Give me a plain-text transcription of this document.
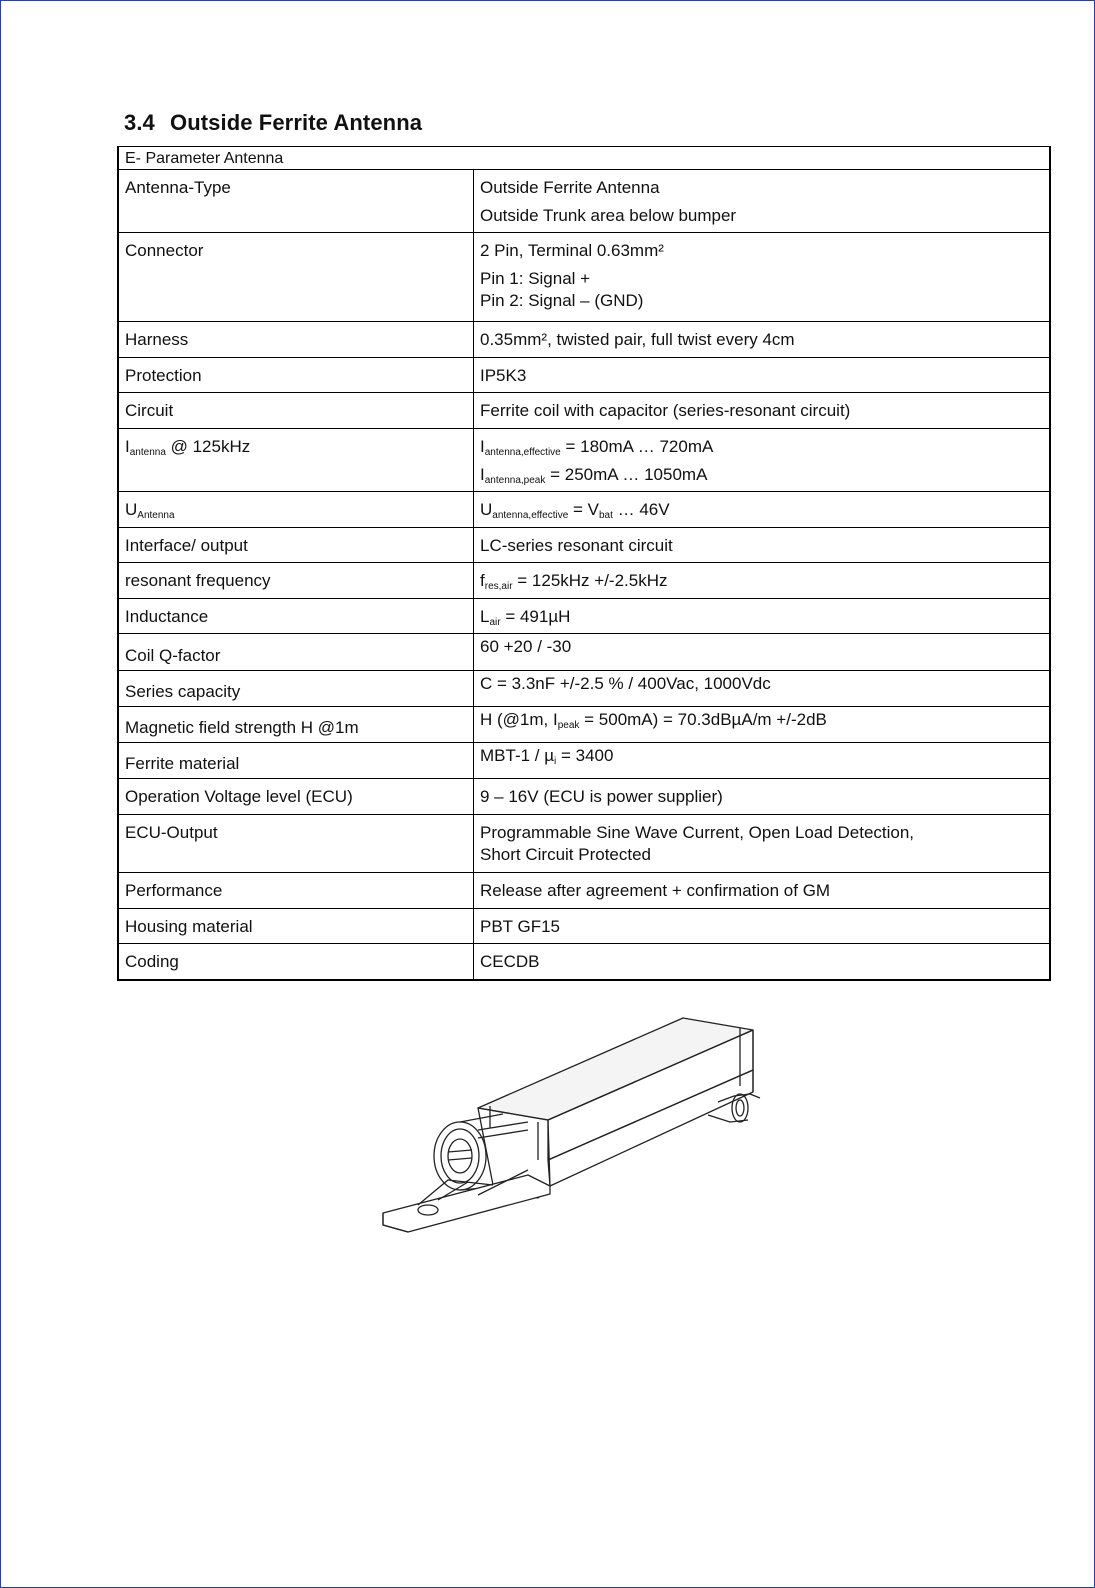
3.4 Outside Ferrite Antenna
E- Parameter Antenna	
Antenna-Type	Outside Ferrite Antenna
Outside Trunk area below bumper

Connector	2 Pin, Terminal 0.63mm²
Pin 1: Signal +
Pin 2: Signal – (GND)

Harness	0.35mm², twisted pair, full twist every 4cm
Protection	IP5K3
Circuit	Ferrite coil with capacitor (series-resonant circuit)
$I_{antenna}$ @ 125kHz	$I_{antenna,effective} = 180mA$ … 720mA
$I_{antenna,peak} = 250mA$ … 1050mA

$U_{Antenna}$	$U_{antenna,effective} = V_{bat}$ … 46V
Interface/ output	LC-series resonant circuit
resonant frequency	$f_{res,air} = 125kHz +/-2.5kHz$
Inductance	$L_{air} = 491\mu H$
Coil Q-factor	60 +20 / -30
Series capacity	C = 3.3nF +/-2.5 % / 400Vac, 1000Vdc
Magnetic field strength H @1m	H (@1m, $I_{peak} = 500mA) = 70.3dB\mu A/m +/-2dB$
Ferrite material	MBT-1 / µ$_i$ = 3400
Operation Voltage level (ECU)	9 – 16V (ECU is power supplier)
ECU-Output	Programmable Sine Wave Current, Open Load Detection,
Short Circuit Protected

Performance	Release after agreement + confirmation of GM
Housing material	PBT GF15
Coding	CECDB
